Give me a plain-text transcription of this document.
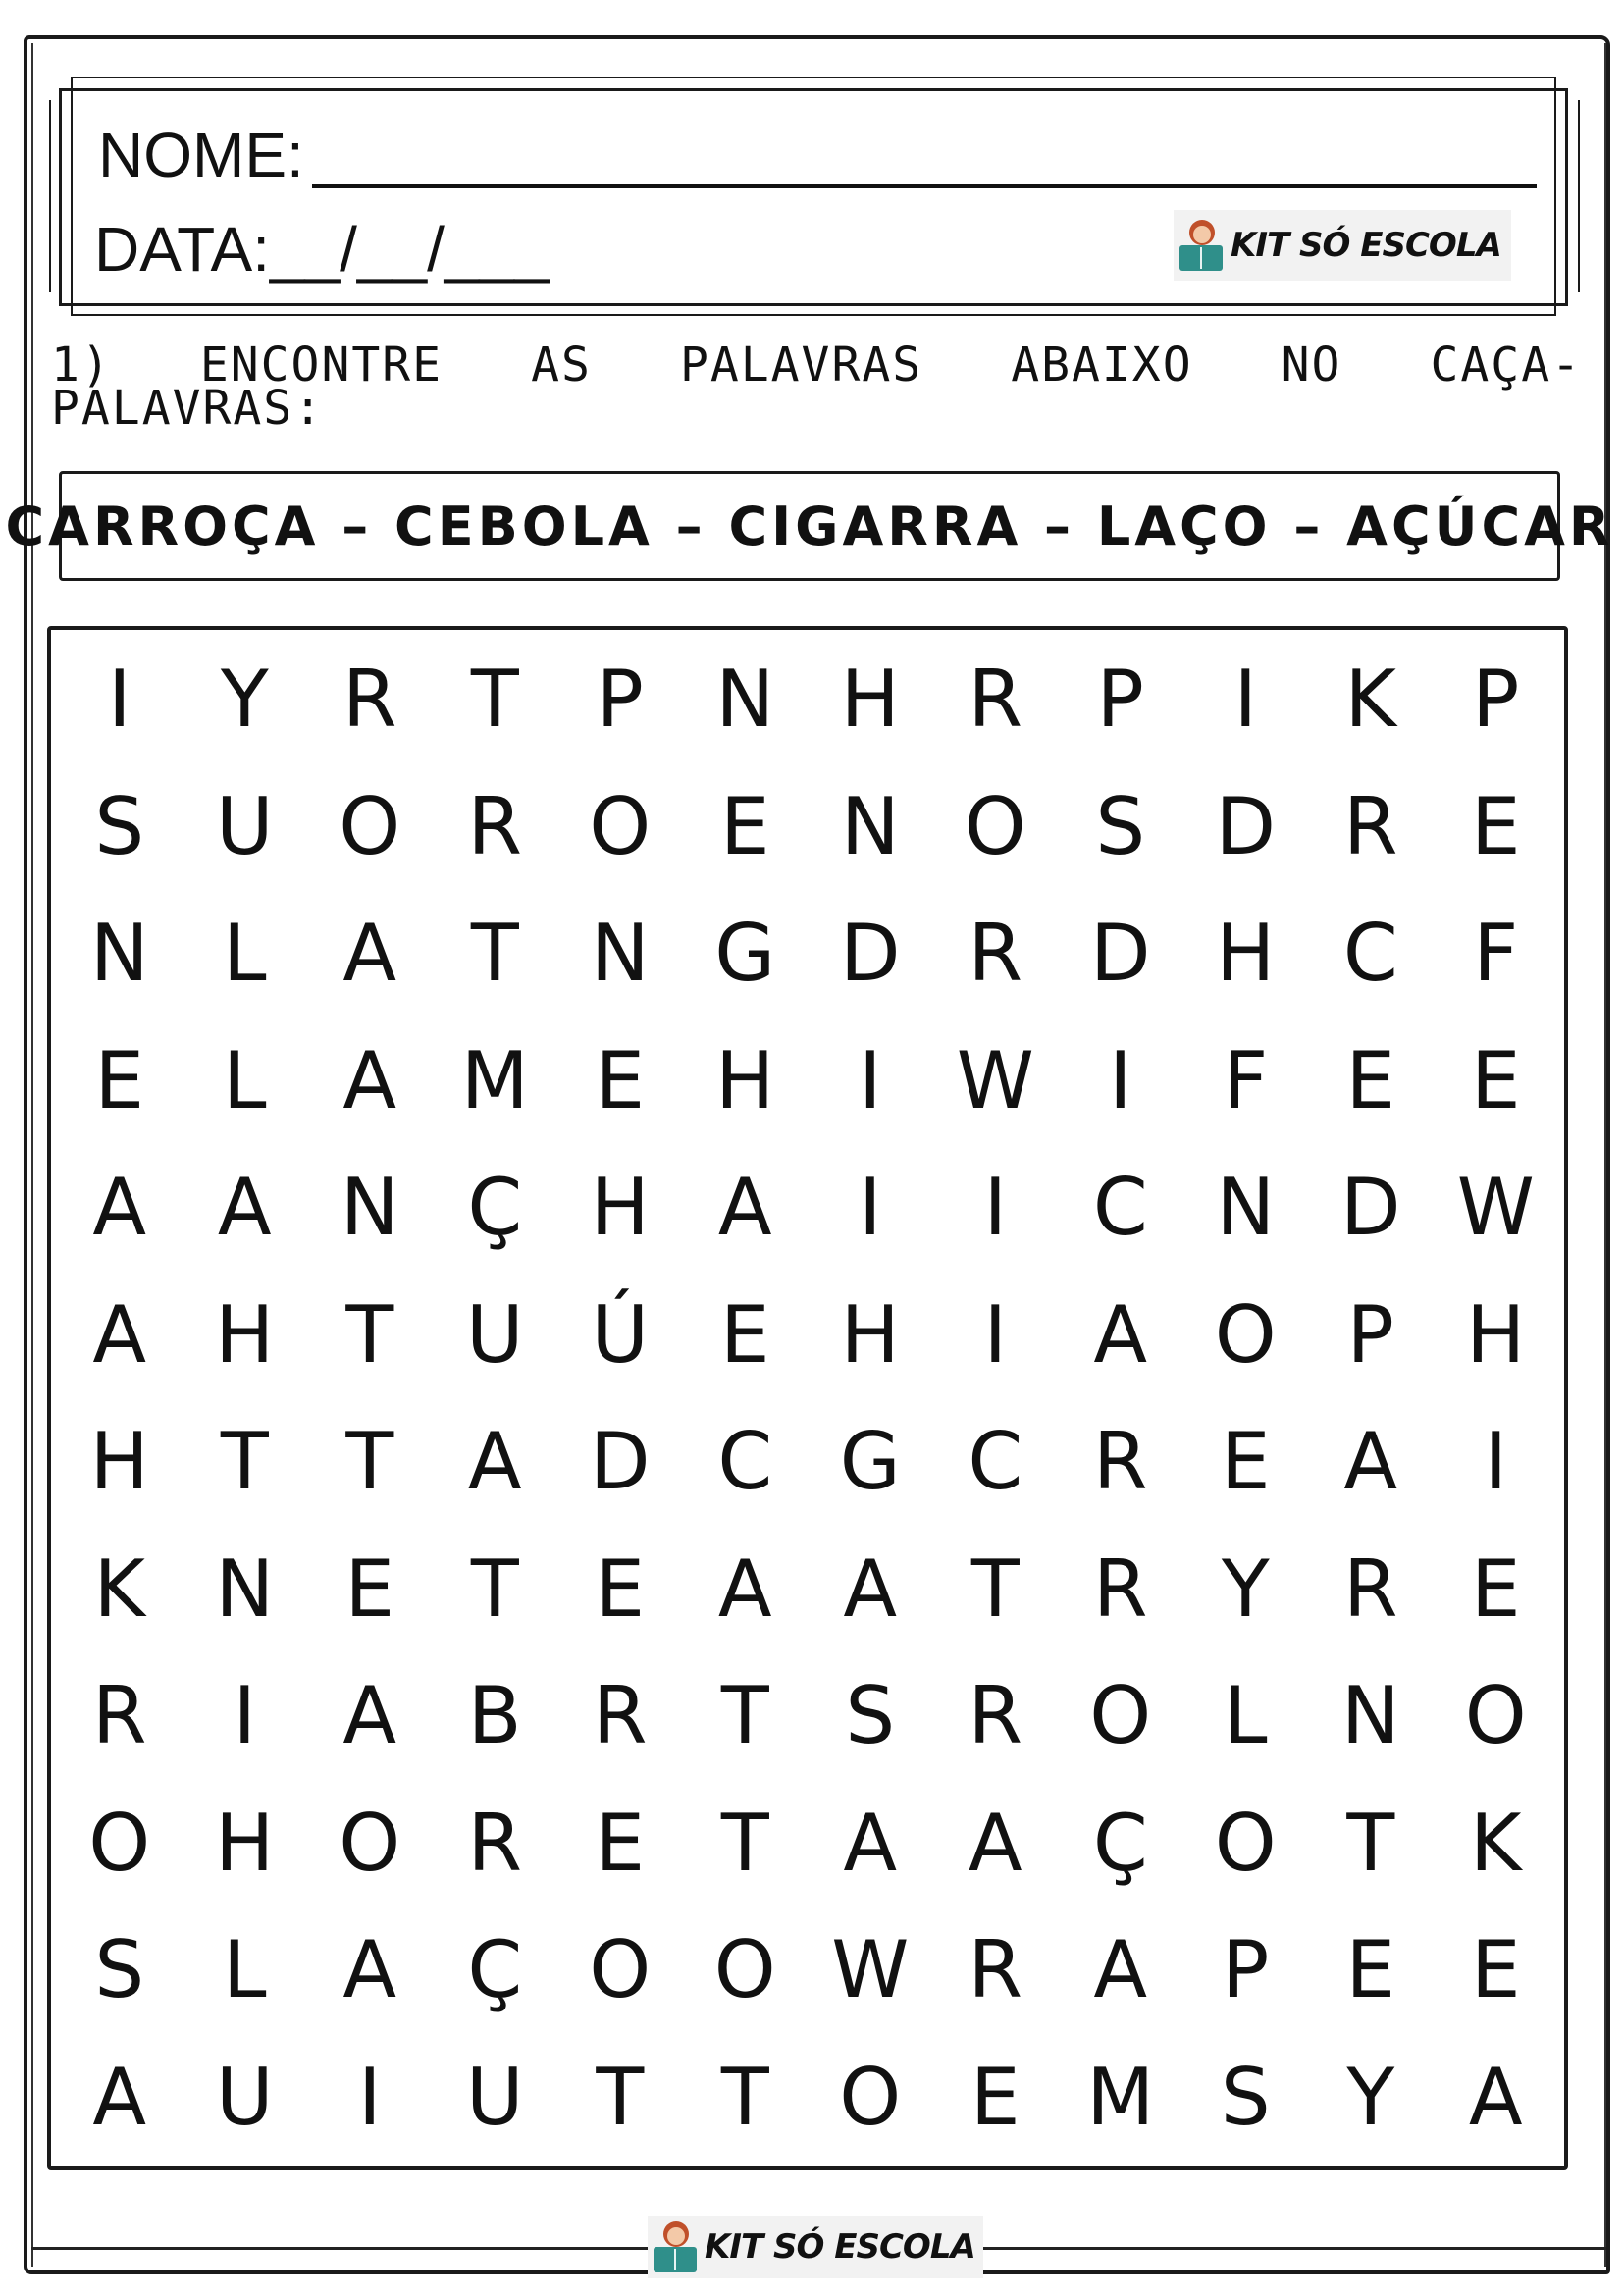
NOME:
DATA:__/__/___	KIT SÓ ESCOLA
1) ENCONTRE AS PALAVRAS ABAIXO NO CAÇA-
PALAVRAS:
CARROÇA – CEBOLA – CIGARRA – LAÇO – AÇÚCAR
I	Y R T P N H R P	I	K P
S U O R O E N O S D R E
N L A T N G D R D H C F
E L A M E H	I W I	F E E
A A N Ç H A	I	I	C N D W
A H T U Ú E H	I	A O P H
H T T A D C G C R E A	I
K N E T E A A T R Y R E
R	I	A B R T S R O L N O
O H O R E T A A Ç O T K
S L A Ç O O W R A P E E
A U	I	U T T O E M S Y A
KIT SÓ ESCOLA
